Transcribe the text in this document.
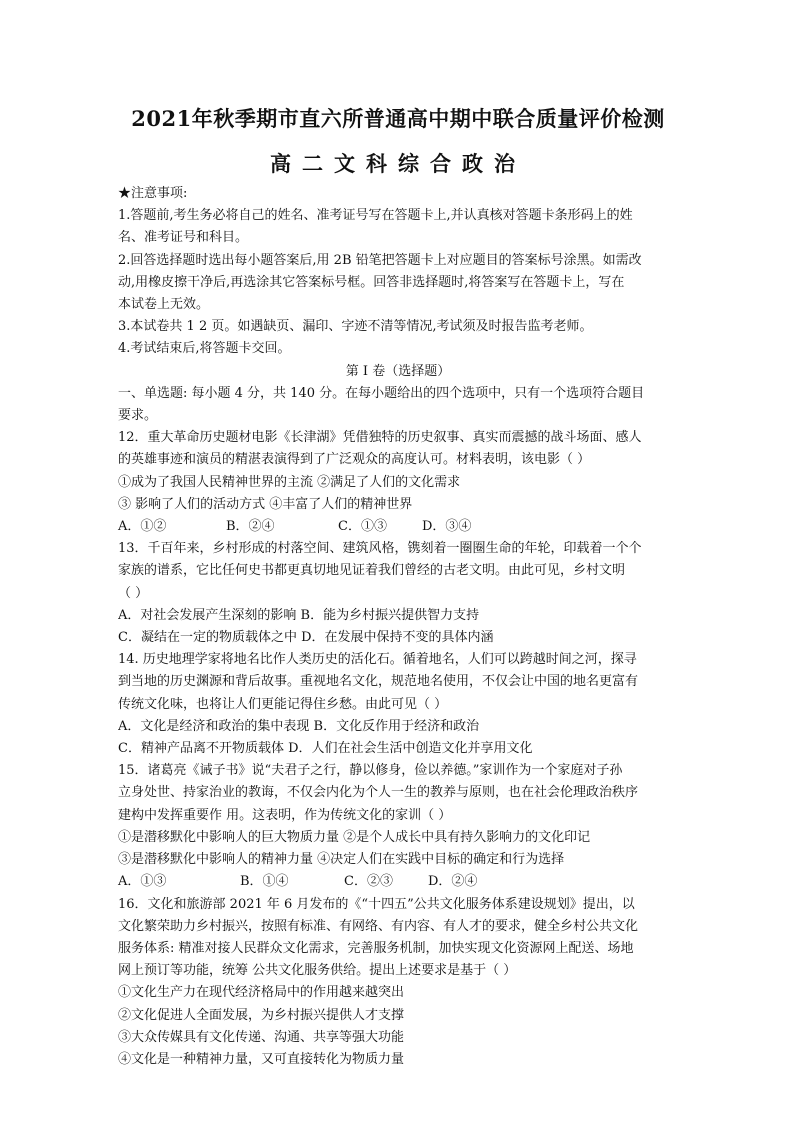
2021年秋季期市直六所普通高中期中联合质量评价检测
高二文科综合政治
★注意事项:
1.答题前,考生务必将自己的姓名、准考证号写在答题卡上,并认真核对答题卡条形码上的姓
名、准考证号和科目。
2.回答选择题时选出每小题答案后,用 2B 铅笔把答题卡上对应题目的答案标号涂黑。如需改
动,用橡皮擦干净后,再选涂其它答案标号框。回答非选择题时,将答案写在答题卡上，写在
本试卷上无效。
3.本试卷共 1 2 页。如遇缺页、漏印、字迹不清等情况,考试须及时报告监考老师。
4.考试结束后,将答题卡交回。
第 I 卷（选择题）
一、单选题: 每小题 4 分，共 140 分。在每小题给出的四个选项中，只有一个选项符合题目
要求。
12．重大革命历史题材电影《长津湖》凭借独特的历史叙事、真实而震撼的战斗场面、感人
的英雄事迹和演员的精湛表演得到了广泛观众的高度认可。材料表明，该电影（ ）
①成为了我国人民精神世界的主流 ②满足了人们的文化需求
③ 影响了人们的活动方式 ④丰富了人们的精神世界
A．①②	B．②④	C．①③	D．③④
13．千百年来，乡村形成的村落空间、建筑风格，镌刻着一圈圈生命的年轮，印载着一个个
家族的谱系，它比任何史书都更真切地见证着我们曾经的古老文明。由此可见，乡村文明
（ ）
A．对社会发展产生深刻的影响 B．能为乡村振兴提供智力支持
C．凝结在一定的物质载体之中 D．在发展中保持不变的具体内涵
14. 历史地理学家将地名比作人类历史的活化石。循着地名，人们可以跨越时间之河，探寻
到当地的历史渊源和背后故事。重视地名文化，规范地名使用，不仅会让中国的地名更富有
传统文化味，也将让人们更能记得住乡愁。由此可见（ ）
A．文化是经济和政治的集中表现 B．文化反作用于经济和政治
C．精神产品离不开物质载体 D．人们在社会生活中创造文化并享用文化
15．诸葛亮《诫子书》说“夫君子之行，静以修身，俭以养德。”家训作为一个家庭对子孙
立身处世、持家治业的教诲，不仅会内化为个人一生的教养与原则，也在社会伦理政治秩序
建构中发挥重要作 用。这表明，作为传统文化的家训（ ）
①是潜移默化中影响人的巨大物质力量 ②是个人成长中具有持久影响力的文化印记
③是潜移默化中影响人的精神力量 ④决定人们在实践中目标的确定和行为选择
A．①③	B．①④	C．②③	D．②④
16．文化和旅游部 2021 年 6 月发布的《“十四五”公共文化服务体系建设规划》提出，以
文化繁荣助力乡村振兴，按照有标准、有网络、有内容、有人才的要求，健全乡村公共文化
服务体系: 精准对接人民群众文化需求，完善服务机制，加快实现文化资源网上配送、场地
网上预订等功能，统筹 公共文化服务供给。提出上述要求是基于（ ）
①文化生产力在现代经济格局中的作用越来越突出
②文化促进人全面发展，为乡村振兴提供人才支撑
③大众传媒具有文化传递、沟通、共享等强大功能
④文化是一种精神力量，又可直接转化为物质力量
